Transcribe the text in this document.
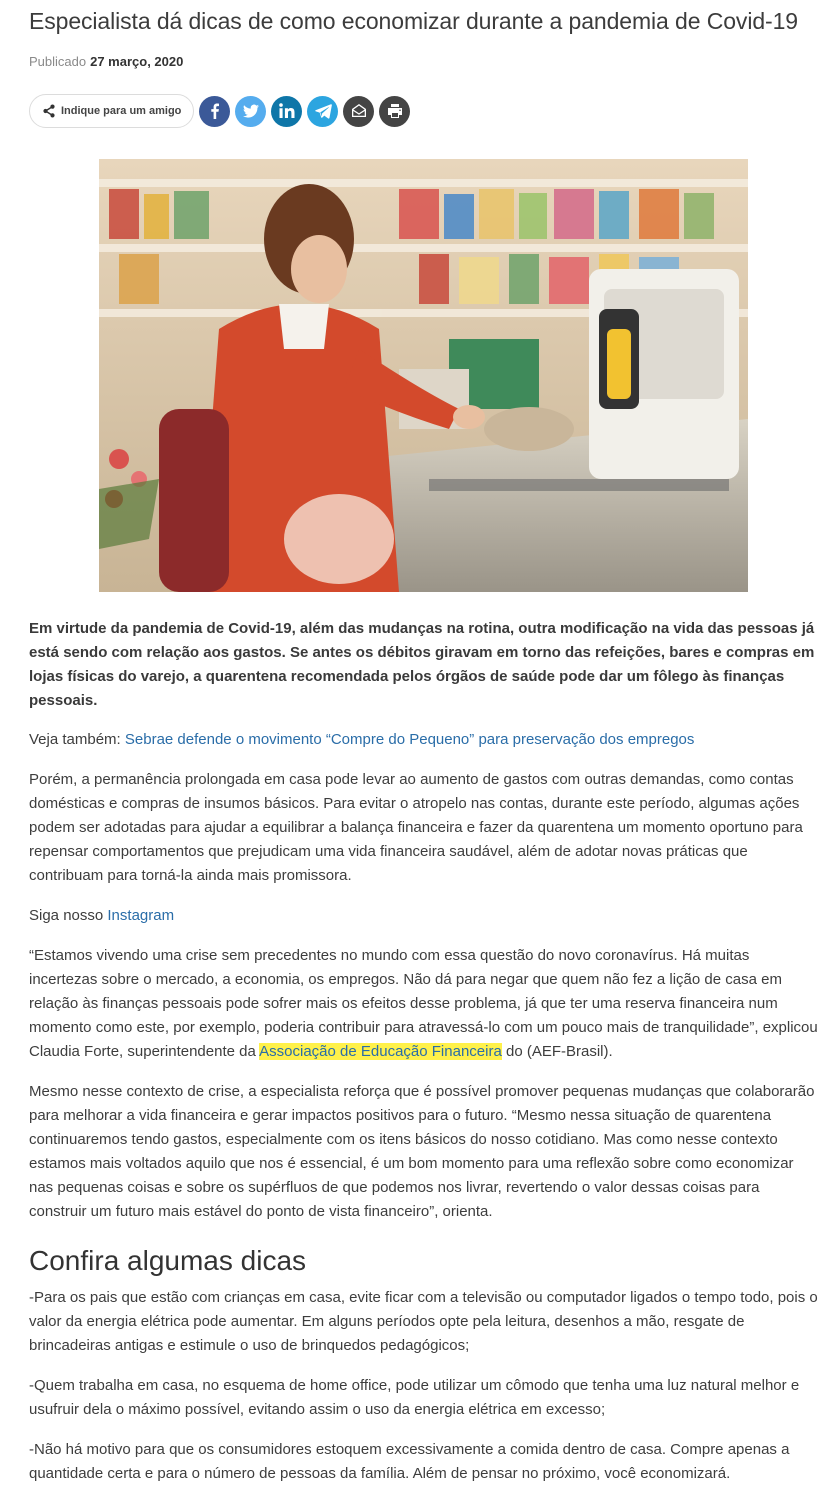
Especialista dá dicas de como economizar durante a pandemia de Covid-19
Publicado 27 março, 2020
Indique para um amigo

Em virtude da pandemia de Covid-19, além das mudanças na rotina, outra modificação na vida das pessoas já está sendo com relação aos gastos. Se antes os débitos giravam em torno das refeições, bares e compras em lojas físicas do varejo, a quarentena recomendada pelos órgãos de saúde pode dar um fôlego às finanças pessoais.

Veja também: Sebrae defende o movimento “Compre do Pequeno” para preservação dos empregos

Porém, a permanência prolongada em casa pode levar ao aumento de gastos com outras demandas, como contas domésticas e compras de insumos básicos. Para evitar o atropelo nas contas, durante este período, algumas ações podem ser adotadas para ajudar a equilibrar a balança financeira e fazer da quarentena um momento oportuno para repensar comportamentos que prejudicam uma vida financeira saudável, além de adotar novas práticas que contribuam para torná-la ainda mais promissora.

Siga nosso Instagram

“Estamos vivendo uma crise sem precedentes no mundo com essa questão do novo coronavírus. Há muitas incertezas sobre o mercado, a economia, os empregos. Não dá para negar que quem não fez a lição de casa em relação às finanças pessoais pode sofrer mais os efeitos desse problema, já que ter uma reserva financeira num momento como este, por exemplo, poderia contribuir para atravessá-lo com um pouco mais de tranquilidade”, explicou Claudia Forte, superintendente da Associação de Educação Financeira do (AEF-Brasil).

Mesmo nesse contexto de crise, a especialista reforça que é possível promover pequenas mudanças que colaborarão para melhorar a vida financeira e gerar impactos positivos para o futuro. “Mesmo nessa situação de quarentena continuaremos tendo gastos, especialmente com os itens básicos do nosso cotidiano. Mas como nesse contexto estamos mais voltados aquilo que nos é essencial, é um bom momento para uma reflexão sobre como economizar nas pequenas coisas e sobre os supérfluos de que podemos nos livrar, revertendo o valor dessas coisas para construir um futuro mais estável do ponto de vista financeiro”, orienta.

Confira algumas dicas

-Para os pais que estão com crianças em casa, evite ficar com a televisão ou computador ligados o tempo todo, pois o valor da energia elétrica pode aumentar. Em alguns períodos opte pela leitura, desenhos a mão, resgate de brincadeiras antigas e estimule o uso de brinquedos pedagógicos;

-Quem trabalha em casa, no esquema de home office, pode utilizar um cômodo que tenha uma luz natural melhor e usufruir dela o máximo possível, evitando assim o uso da energia elétrica em excesso;

-Não há motivo para que os consumidores estoquem excessivamente a comida dentro de casa. Compre apenas a quantidade certa e para o número de pessoas da família. Além de pensar no próximo, você economizará.
